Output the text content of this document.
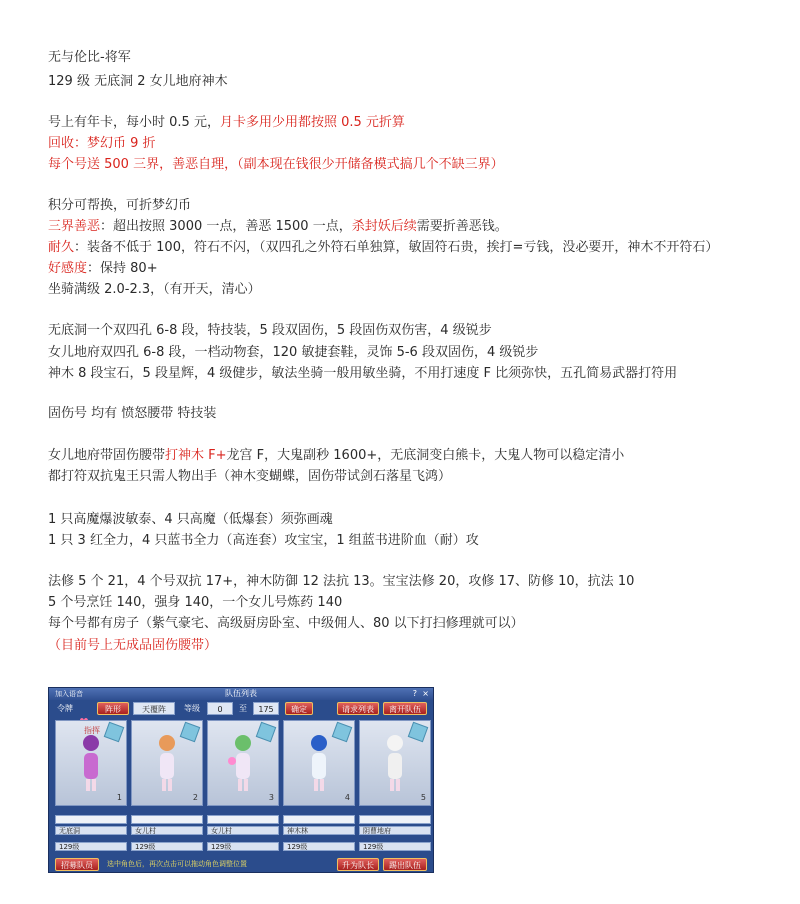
无与伦比-将军
129 级 无底洞 2 女儿地府神木
号上有年卡，每小时 0.5 元，月卡多用少用都按照 0.5 元折算
回收：梦幻币 9 折
每个号送 500 三界，善恶自理，（副本现在钱很少开储备模式搞几个不缺三界）
积分可帮换，可折梦幻币
三界善恶：超出按照 3000 一点，善恶 1500 一点，杀封妖后续需要折善恶钱。
耐久：装备不低于 100，符石不闪，（双四孔之外符石单独算，敏固符石贵，挨打=亏钱，没必要开，神木不开符石）
好感度：保持 80+
坐骑满级 2.0-2.3，（有开天，清心）
无底洞一个双四孔 6-8 段，特技装，5 段双固伤，5 段固伤双伤害，4 级锐步
女儿地府双四孔 6-8 段，一档动物套，120 敏捷套鞋，灵饰 5-6 段双固伤，4 级锐步
神木 8 段宝石，5 段星辉，4 级健步，敏法坐骑一般用敏坐骑，不用打速度 F 比须弥快，五孔简易武器打符用
固伤号 均有 愤怒腰带 特技装
女儿地府带固伤腰带打神木 F+龙宫 F，大鬼副秒 1600+，无底洞变白熊卡，大鬼人物可以稳定清小
都打符双抗鬼王只需人物出手（神木变蝴蝶，固伤带试剑石落星飞鸿）
1 只高魔爆波敏泰、4 只高魔（低爆套）须弥画魂
1 只 3 红全力，4 只蓝书全力（高连套）攻宝宝，1 组蓝书进阶血（耐）攻
法修 5 个 21，4 个号双抗 17+，神木防御 12 法抗 13。宝宝法修 20，攻修 17、防修 10，抗法 10
5 个号烹饪 140，强身 140，一个女儿号炼药 140
每个号都有房子（紫气豪宅、高级厨房卧室、中级佣人、80 以下打扫修理就可以）
（目前号上无成品固伤腰带）
加入语音	队伍列表	? ×
令牌	阵形	天覆阵	等级	0	至	175	确定	请求列表	离开队伍
指挥
1	2	3	4	5
无底洞
129级
女儿村
129级
女儿村
129级
神木林
129级
阴曹地府
129级
招募队员	选中角色后，再次点击可以拖动角色调整位置	升为队长	踢出队伍
